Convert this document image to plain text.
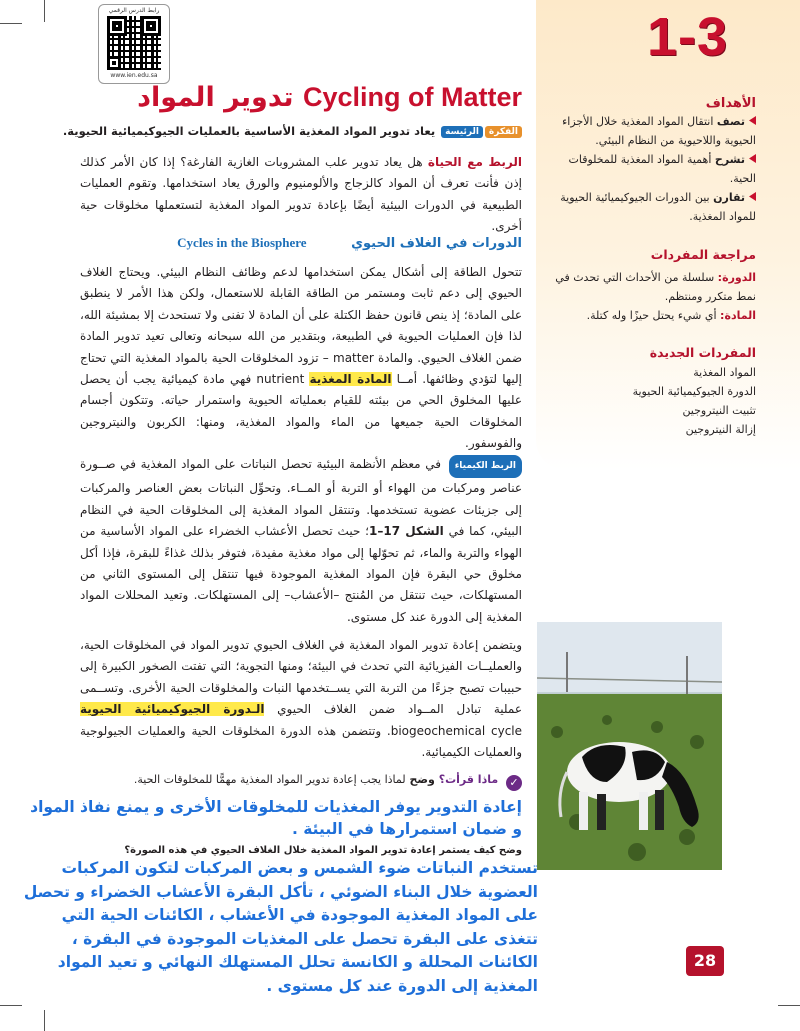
رابط الدرس الرقمي
www.ien.edu.sa
1-3
الأهداف
تصف انتقال المواد المغذية خلال الأجزاء الحيوية واللاحيوية من النظام البيئي.
تشرح أهمية المواد المغذية للمخلوقات الحية.
تقارن بين الدورات الجيوكيميائية الحيوية للمواد المغذية.
مراجعة المفردات
الدورة: سلسلة من الأحداث التي تحدث في نمط متكرر ومنتظم.
المادة: أي شيء يحتل حيزًا وله كتلة.
المفردات الجديدة
المواد المغذية
الدورة الجيوكيميائية الحيوية
تثبيت النيتروجين
إزالة النيتروجين
تدوير المواد Cycling of Matter
الفكرةالرئيسة يعاد تدوير المواد المغذية الأساسية بالعمليات الجيوكيميائية الحيوية.
الربط مع الحياة هل يعاد تدوير علب المشروبات الغازية الفارغة؟ إذا كان الأمر كذلك إذن فأنت تعرف أن المواد كالزجاج والألومنيوم والورق يعاد استخدامها. وتقوم العمليات الطبيعية في الدورات البيئية أيضًا بإعادة تدوير المواد المغذية لتستعملها مخلوقات حية أخرى.
الدورات في الغلاف الحيوي Cycles in the Biosphere
تتحول الطاقة إلى أشكال يمكن استخدامها لدعم وظائف النظام البيئي. ويحتاج الغلاف الحيوي إلى دعم ثابت ومستمر من الطاقة القابلة للاستعمال، ولكن هذا الأمر لا ينطبق على المادة؛ إذ ينص قانون حفظ الكتلة على أن المادة لا تفنى ولا تستحدث إلا بمشيئة الله، لذا فإن العمليات الحيوية في الطبيعة، وبتقدير من الله سبحانه وتعالى تعيد تدوير المادة ضمن الغلاف الحيوي. والمادة matter – تزود المخلوقات الحية بالمواد المغذية التي تحتاج إليها لتؤدي وظائفها. أمــا المادة المغذية nutrient فهي مادة كيميائية يجب أن يحصل عليها المخلوق الحي من بيئته للقيام بعملياته الحيوية واستمرار حياته. وتتكون أجسام المخلوقات الحية جميعها من الماء والمواد المغذية، ومنها: الكربون والنيتروجين والفوسفور.
الربط الكيمياء في معظم الأنظمة البيئية تحصل النباتات على المواد المغذية في صــورة عناصر ومركبات من الهواء أو التربة أو المــاء. وتحوِّل النباتات بعض العناصر والمركبات إلى جزيئات عضوية تستخدمها. وتنتقل المواد المغذية إلى المخلوقات الحية في النظام البيئي، كما في الشكل 17–1؛ حيث تحصل الأعشاب الخضراء على المواد الأساسية من الهواء والتربة والماء، ثم تحوّلها إلى مواد مغذية مفيدة، فتوفر بذلك غذاءً للبقرة، فإذا أكل مخلوق حي البقرة فإن المواد المغذية الموجودة فيها تنتقل إلى المستوى الثاني من المستهلكات، حيث تنتقل من المُنتج –الأعشاب– إلى المستهلكات. وتعيد المحللات المواد المغذية إلى الدورة عند كل مستوى.
ويتضمن إعادة تدوير المواد المغذية في الغلاف الحيوي تدوير المواد في المخلوقات الحية، والعمليــات الفيزيائية التي تحدث في البيئة؛ ومنها التجوية؛ التي تفتت الصخور الكبيرة إلى حبيبات تصبح جزءًا من التربة التي يســتخدمها النبات والمخلوقات الحية الأخرى. وتســمى عملية تبادل المــواد ضمن الغلاف الحيوي الـدورة الجيوكيميائية الحيوية biogeochemical cycle. وتتضمن هذه الدورة المخلوقات الحية والعمليات الجيولوجية والعمليات الكيميائية.
✓ ماذا قرأت؟ وضح لماذا يجب إعادة تدوير المواد المغذية مهمًّا للمخلوقات الحية.
إعادة التدوير يوفر المغذيات للمخلوقات الأخرى و يمنع نفاذ المواد و ضمان استمرارها في البيئة .
وضح كيف يستمر إعادة تدوير المواد المغذية خلال الغلاف الحيوي في هذه الصورة؟
تستخدم النباتات ضوء الشمس و بعض المركبات لتكون المركبات العضوية خلال البناء الضوئي ، تأكل البقرة الأعشاب الخضراء و تحصل على المواد المغذية الموجودة في الأعشاب ، الكائنات الحية التي تتغذى على البقرة تحصل على المغذيات الموجودة في البقرة ، الكائنات المحللة و الكانسة تحلل المستهلك النهائي و تعيد المواد المغذية إلى الدورة عند كل مستوى .
28
